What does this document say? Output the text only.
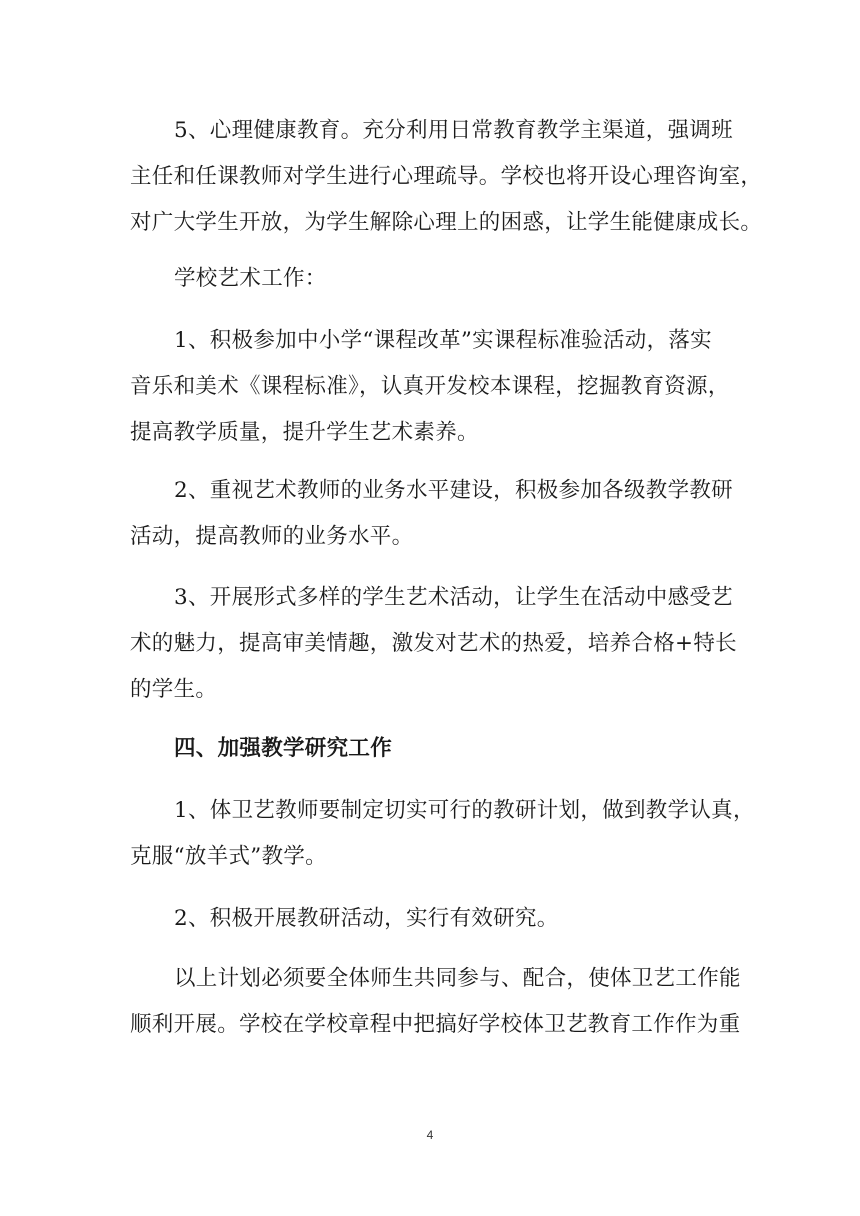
5、心理健康教育。充分利用日常教育教学主渠道，强调班
主任和任课教师对学生进行心理疏导。学校也将开设心理咨询室，
对广大学生开放，为学生解除心理上的困惑，让学生能健康成长。

学校艺术工作：

1、积极参加中小学“课程改革”实课程标准验活动，落实
音乐和美术《课程标准》，认真开发校本课程，挖掘教育资源，
提高教学质量，提升学生艺术素养。

2、重视艺术教师的业务水平建设，积极参加各级教学教研
活动，提高教师的业务水平。

3、开展形式多样的学生艺术活动，让学生在活动中感受艺
术的魅力，提高审美情趣，激发对艺术的热爱，培养合格+特长
的学生。

四、加强教学研究工作

1、体卫艺教师要制定切实可行的教研计划，做到教学认真，
克服“放羊式”教学。

2、积极开展教研活动，实行有效研究。

以上计划必须要全体师生共同参与、配合，使体卫艺工作能
顺利开展。学校在学校章程中把搞好学校体卫艺教育工作作为重

4
